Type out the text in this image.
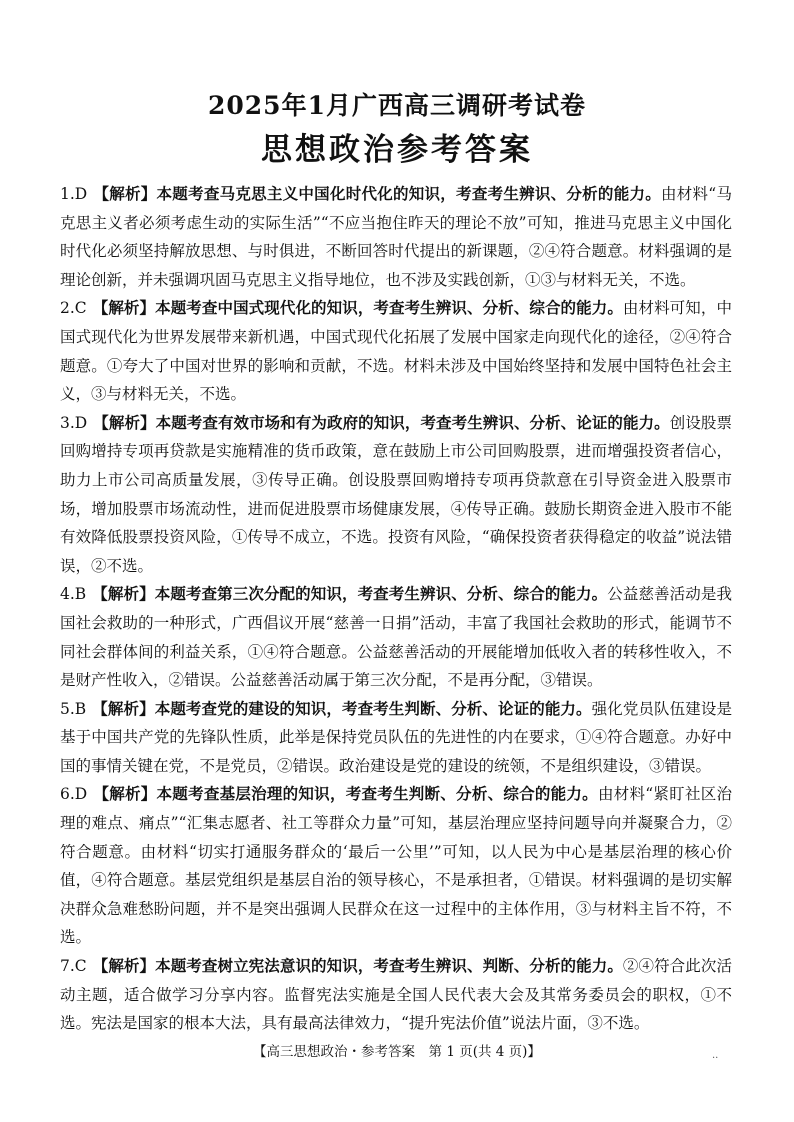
2025年1月广西高三调研考试卷
思想政治参考答案
1.D 【解析】本题考查马克思主义中国化时代化的知识，考查考生辨识、分析的能力。由材料“马克思主义者必须考虑生动的实际生活”“不应当抱住昨天的理论不放”可知，推进马克思主义中国化时代化必须坚持解放思想、与时俱进，不断回答时代提出的新课题，②④符合题意。材料强调的是理论创新，并未强调巩固马克思主义指导地位，也不涉及实践创新，①③与材料无关，不选。
2.C 【解析】本题考查中国式现代化的知识，考查考生辨识、分析、综合的能力。由材料可知，中国式现代化为世界发展带来新机遇，中国式现代化拓展了发展中国家走向现代化的途径，②④符合题意。①夸大了中国对世界的影响和贡献，不选。材料未涉及中国始终坚持和发展中国特色社会主义，③与材料无关，不选。
3.D 【解析】本题考查有效市场和有为政府的知识，考查考生辨识、分析、论证的能力。创设股票回购增持专项再贷款是实施精准的货币政策，意在鼓励上市公司回购股票，进而增强投资者信心，助力上市公司高质量发展，③传导正确。创设股票回购增持专项再贷款意在引导资金进入股票市场，增加股票市场流动性，进而促进股票市场健康发展，④传导正确。鼓励长期资金进入股市不能有效降低股票投资风险，①传导不成立，不选。投资有风险，“确保投资者获得稳定的收益”说法错误，②不选。
4.B 【解析】本题考查第三次分配的知识，考查考生辨识、分析、综合的能力。公益慈善活动是我国社会救助的一种形式，广西倡议开展“慈善一日捐”活动，丰富了我国社会救助的形式，能调节不同社会群体间的利益关系，①④符合题意。公益慈善活动的开展能增加低收入者的转移性收入，不是财产性收入，②错误。公益慈善活动属于第三次分配，不是再分配，③错误。
5.B 【解析】本题考查党的建设的知识，考查考生判断、分析、论证的能力。强化党员队伍建设是基于中国共产党的先锋队性质，此举是保持党员队伍的先进性的内在要求，①④符合题意。办好中国的事情关键在党，不是党员，②错误。政治建设是党的建设的统领，不是组织建设，③错误。
6.D 【解析】本题考查基层治理的知识，考查考生判断、分析、综合的能力。由材料“紧盯社区治理的难点、痛点”“汇集志愿者、社工等群众力量”可知，基层治理应坚持问题导向并凝聚合力，②符合题意。由材料“切实打通服务群众的‘最后一公里’”可知，以人民为中心是基层治理的核心价值，④符合题意。基层党组织是基层自治的领导核心，不是承担者，①错误。材料强调的是切实解决群众急难愁盼问题，并不是突出强调人民群众在这一过程中的主体作用，③与材料主旨不符，不选。
7.C 【解析】本题考查树立宪法意识的知识，考查考生辨识、判断、分析的能力。②④符合此次活动主题，适合做学习分享内容。监督宪法实施是全国人民代表大会及其常务委员会的职权，①不选。宪法是国家的根本大法，具有最高法律效力，“提升宪法价值”说法片面，③不选。
【高三思想政治・参考答案　第 1 页(共 4 页)】	..
